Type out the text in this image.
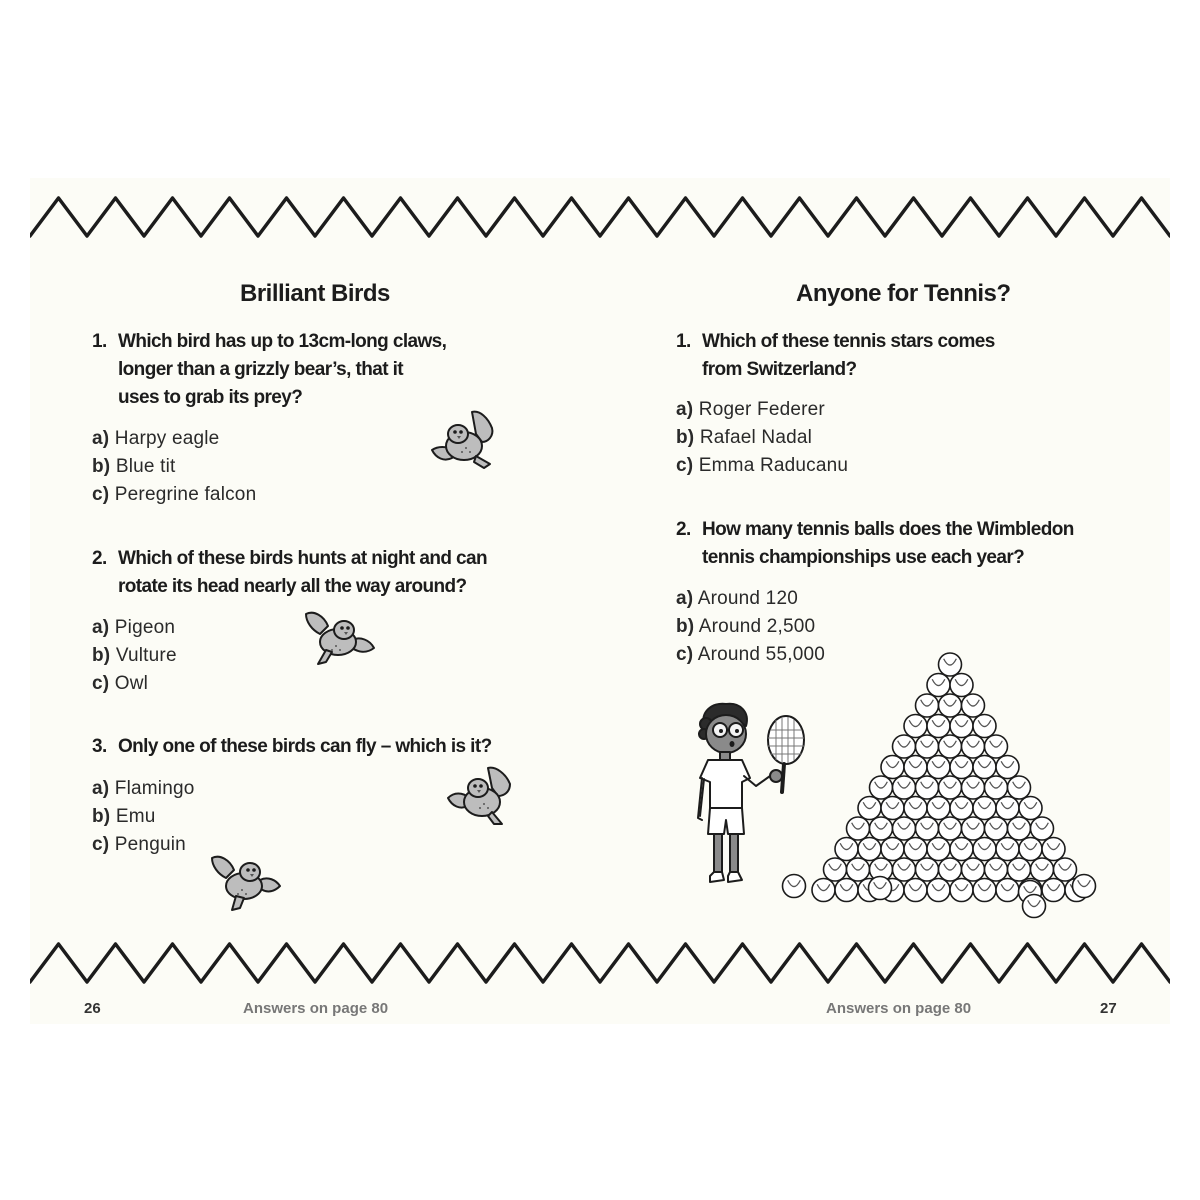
Brilliant Birds
1. Which bird has up to 13cm-long claws,
longer than a grizzly bear’s, that it
uses to grab its prey?
a) Harpy eagle
b) Blue tit
c) Peregrine falcon
2. Which of these birds hunts at night and can
rotate its head nearly all the way around?
a) Pigeon
b) Vulture
c) Owl
3. Only one of these birds can fly – which is it?
a) Flamingo
b) Emu
c) Penguin
26	Answers on page 80
Anyone for Tennis?
1. Which of these tennis stars comes
from Switzerland?
a) Roger Federer
b) Rafael Nadal
c) Emma Raducanu
2. How many tennis balls does the Wimbledon
tennis championships use each year?
a) Around 120
b) Around 2,500
c) Around 55,000
Answers on page 80	27
